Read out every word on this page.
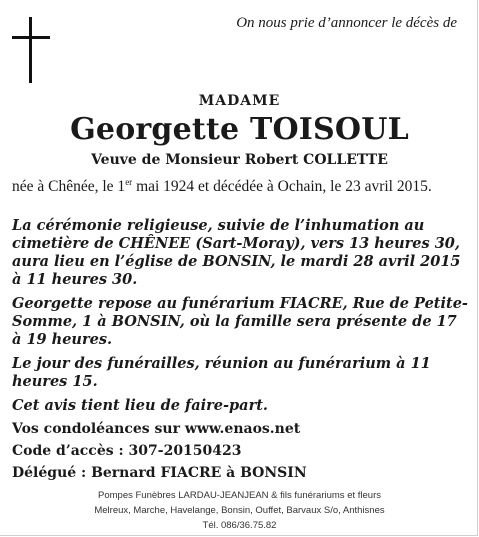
On nous prie d’annoncer le décès de
MADAME
Georgette TOISOUL
Veuve de Monsieur Robert COLLETTE

née à Chênée, le 1er mai 1924 et décédée à Ochain, le 23 avril 2015.

La cérémonie religieuse, suivie de l’inhumation au cimetière de CHÊNEE (Sart-Moray), vers 13 heures 30, aura lieu en l’église de BONSIN, le mardi 28 avril 2015 à 11 heures 30.

Georgette repose au funérarium FIACRE, Rue de Petite-Somme, 1 à BONSIN, où la famille sera présente de 17 à 19 heures.

Le jour des funérailles, réunion au funérarium à 11 heures 15.

Cet avis tient lieu de faire-part.

Vos condoléances sur www.enaos.net
Code d’accès : 307-20150423
Délégué : Bernard FIACRE à BONSIN
Pompes Funèbres LARDAU-JEANJEAN & fils funérariums et fleurs
Melreux, Marche, Havelange, Bonsin, Ouffet, Barvaux S/o, Anthisnes
Tél. 086/36.75.82
